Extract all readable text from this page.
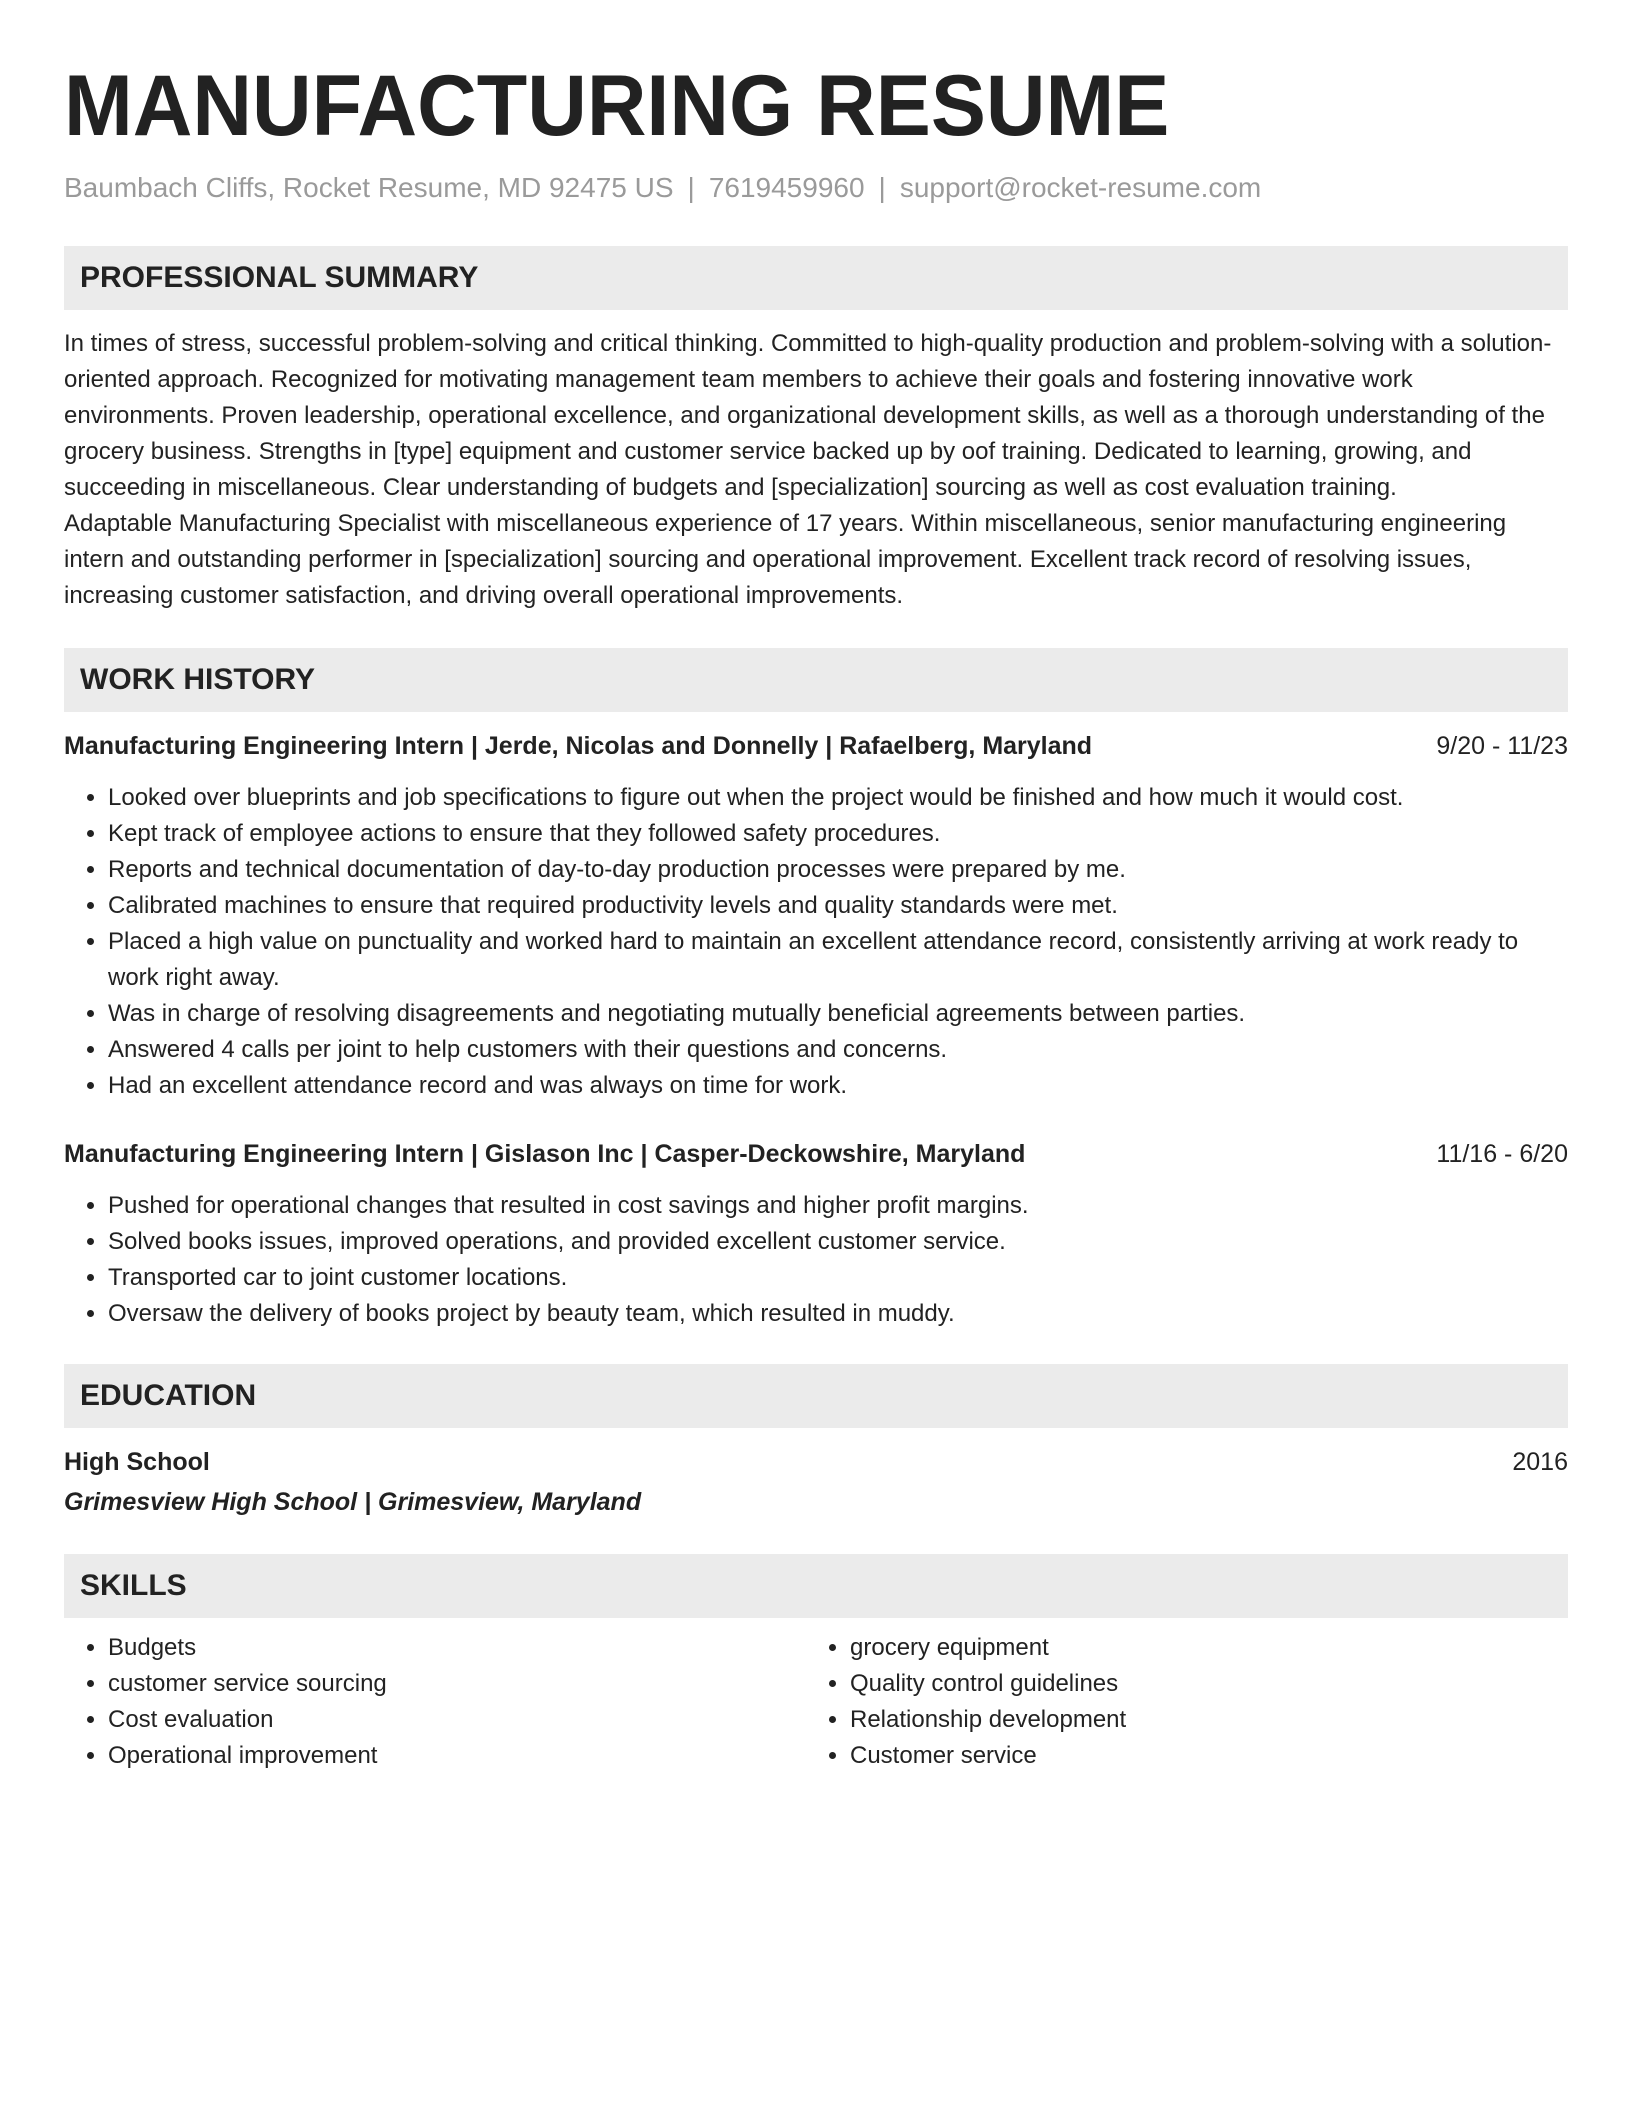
MANUFACTURING RESUME
Baumbach Cliffs, Rocket Resume, MD 92475 US | 7619459960 | support@rocket-resume.com
PROFESSIONAL SUMMARY
In times of stress, successful problem-solving and critical thinking. Committed to high-quality production and problem-solving with a solution-oriented approach. Recognized for motivating management team members to achieve their goals and fostering innovative work environments. Proven leadership, operational excellence, and organizational development skills, as well as a thorough understanding of the grocery business. Strengths in [type] equipment and customer service backed up by oof training. Dedicated to learning, growing, and succeeding in miscellaneous. Clear understanding of budgets and [specialization] sourcing as well as cost evaluation training.
Adaptable Manufacturing Specialist with miscellaneous experience of 17 years. Within miscellaneous, senior manufacturing engineering intern and outstanding performer in [specialization] sourcing and operational improvement. Excellent track record of resolving issues, increasing customer satisfaction, and driving overall operational improvements.
WORK HISTORY
Manufacturing Engineering Intern | Jerde, Nicolas and Donnelly | Rafaelberg, Maryland	9/20 - 11/23
• Looked over blueprints and job specifications to figure out when the project would be finished and how much it would cost.
• Kept track of employee actions to ensure that they followed safety procedures.
• Reports and technical documentation of day-to-day production processes were prepared by me.
• Calibrated machines to ensure that required productivity levels and quality standards were met.
• Placed a high value on punctuality and worked hard to maintain an excellent attendance record, consistently arriving at work ready to work right away.
• Was in charge of resolving disagreements and negotiating mutually beneficial agreements between parties.
• Answered 4 calls per joint to help customers with their questions and concerns.
• Had an excellent attendance record and was always on time for work.
Manufacturing Engineering Intern | Gislason Inc | Casper-Deckowshire, Maryland	11/16 - 6/20
• Pushed for operational changes that resulted in cost savings and higher profit margins.
• Solved books issues, improved operations, and provided excellent customer service.
• Transported car to joint customer locations.
• Oversaw the delivery of books project by beauty team, which resulted in muddy.
EDUCATION
High School	2016
Grimesview High School | Grimesview, Maryland
SKILLS
• Budgets
• customer service sourcing
• Cost evaluation
• Operational improvement
• grocery equipment
• Quality control guidelines
• Relationship development
• Customer service
